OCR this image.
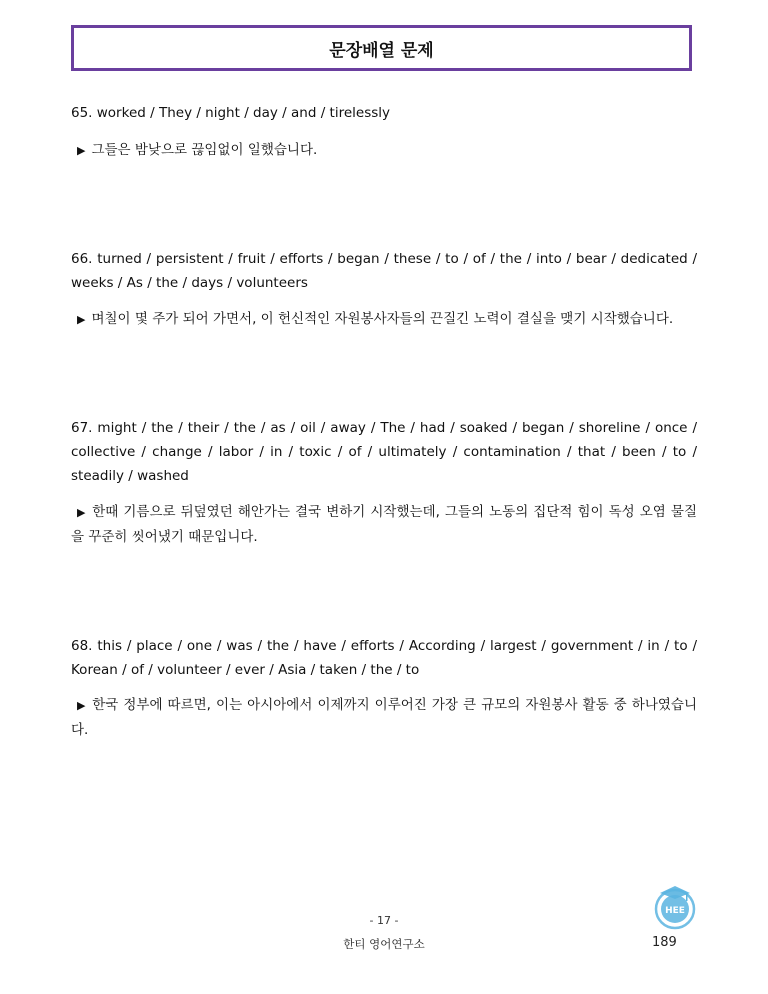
문장배열 문제
65. worked / They / night / day / and / tirelessly
▶ 그들은 밤낮으로 끊임없이 일했습니다.
66. turned / persistent / fruit / efforts / began / these / to / of / the / into / bear / dedicated / weeks / As / the / days / volunteers
▶ 며칠이 몇 주가 되어 가면서, 이 헌신적인 자원봉사자들의 끈질긴 노력이 결실을 맺기 시작했습니다.
67. might / the / their / the / as / oil / away / The / had / soaked / began / shoreline / once / collective / change / labor / in / toxic / of / ultimately / contamination / that / been / to / steadily / washed
▶ 한때 기름으로 뒤덮였던 해안가는 결국 변하기 시작했는데, 그들의 노동의 집단적 힘이 독성 오염 물질을 꾸준히 씻어냈기 때문입니다.
68. this / place / one / was / the / have / efforts / According / largest / government / in / to / Korean / of / volunteer / ever / Asia / taken / the / to
▶ 한국 정부에 따르면, 이는 아시아에서 이제까지 이루어진 가장 큰 규모의 자원봉사 활동 중 하나였습니다.
- 17 -
한티 영어연구소
HEE
189
